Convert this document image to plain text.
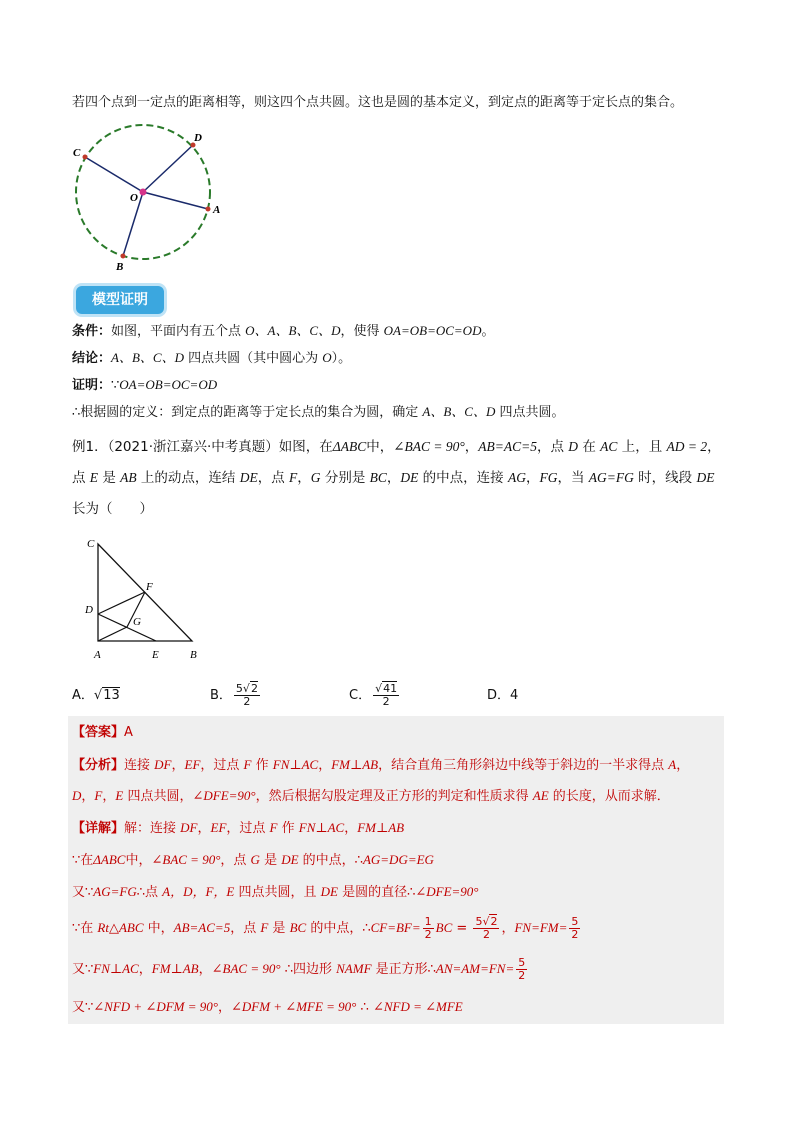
若四个点到一定点的距离相等，则这四个点共圆。这也是圆的基本定义，到定点的距离等于定长点的集合。
C
D
O
A
B
模型证明
条件：如图，平面内有五个点 O、A、B、C、D，使得 OA=OB=OC=OD。
结论：A、B、C、D 四点共圆（其中圆心为 O）。
证明：∵OA=OB=OC=OD
∴根据圆的定义：到定点的距离等于定长点的集合为圆，确定 A、B、C、D 四点共圆。
例1．（2021·浙江嘉兴·中考真题）如图，在ΔABC中，∠BAC = 90°，AB=AC=5，点 D 在 AC 上，且 AD = 2，
点 E 是 AB 上的动点，连结 DE，点 F，G 分别是 BC，DE 的中点，连接 AG，FG，当 AG=FG 时，线段 DE
长为（　　）
C
F
D
G
A	E	B
A．√13	B． $\frac{5√2}{2}$	C． $\frac{√41}{2}$	D．4
【答案】A
【分析】连接 DF，EF，过点 F 作 FN⊥AC，FM⊥AB，结合直角三角形斜边中线等于斜边的一半求得点 A，
D，F，E 四点共圆，∠DFE=90°，然后根据勾股定理及正方形的判定和性质求得 AE 的长度，从而求解．
【详解】解：连接 DF，EF，过点 F 作 FN⊥AC，FM⊥AB
∵在ΔABC中，∠BAC = 90°，点 G 是 DE 的中点，∴AG=DG=EG
又∵AG=FG∴点 A，D，F，E 四点共圆，且 DE 是圆的直径∴∠DFE=90°
∵在 Rt△ABC 中，AB=AC=5，点 F 是 BC 的中点，∴CF=BF= $\frac{1}{2}$ BC = $\frac{5√2}{2}$ ，$FN=FM= \frac{5}{2}$
又∵FN⊥AC，FM⊥AB，∠BAC = 90° ∴四边形 NAMF 是正方形∴AN=AM=FN= $\frac{5}{2}$
又∵∠NFD + ∠DFM = 90°，∠DFM + ∠MFE = 90° ∴ ∠NFD = ∠MFE
